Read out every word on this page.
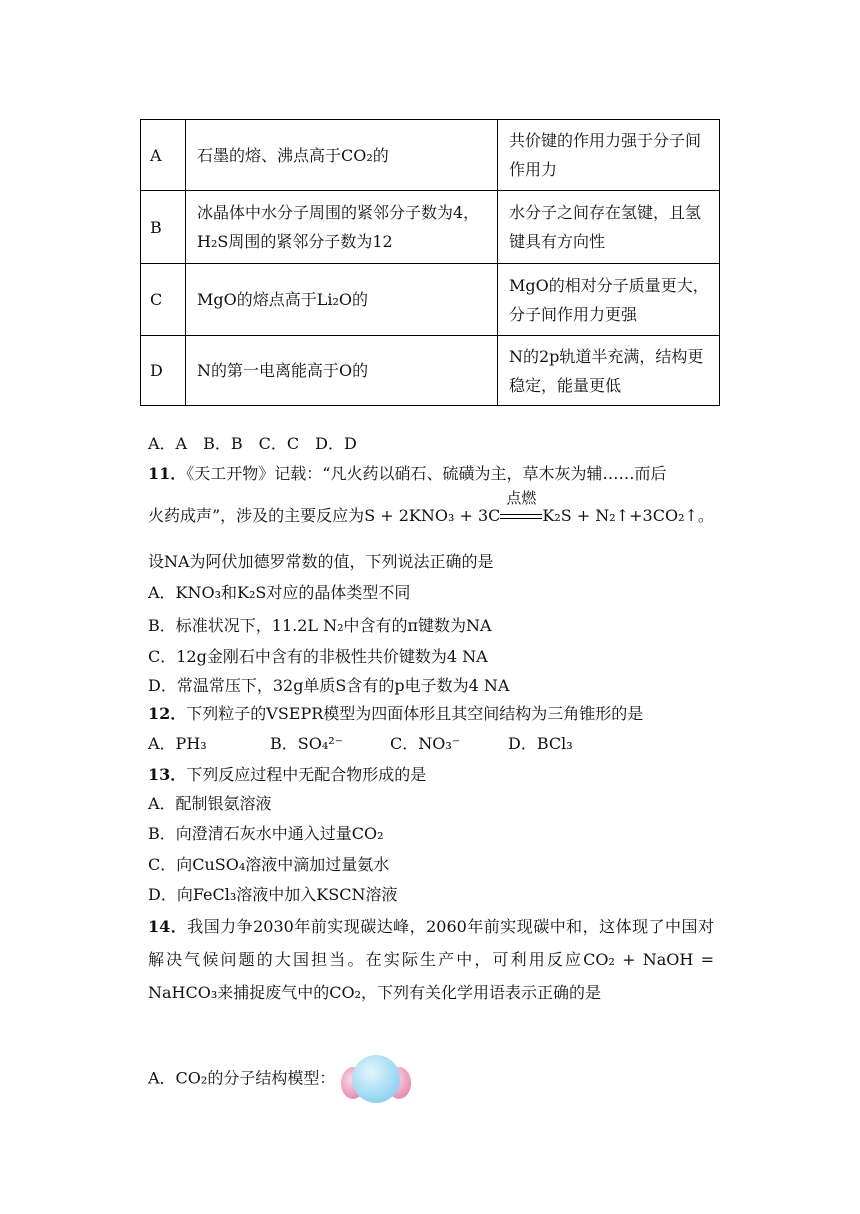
A	石墨的熔、沸点高于CO₂的	共价键的作用力强于分子间作用力
B	冰晶体中水分子周围的紧邻分子数为4，H₂S周围的紧邻分子数为12	水分子之间存在氢键，且氢键具有方向性
C	MgO的熔点高于Li₂O的	MgO的相对分子质量更大，分子间作用力更强
D	N的第一电离能高于O的	N的2p轨道半充满，结构更稳定，能量更低
A．A　B．B　C．C　D．D
11．《天工开物》记载：“凡火药以硝石、硫磺为主，草木灰为辅……而后
火药成声”，涉及的主要反应为S + 2KNO₃ + 3C
点燃
K₂S + N₂↑+3CO₂↑。
设NA为阿伏加德罗常数的值，下列说法正确的是
A．KNO₃和K₂S对应的晶体类型不同
B．标准状况下，11.2L N₂中含有的π键数为NA
C．12g金刚石中含有的非极性共价键数为4 NA
D．常温常压下，32g单质S含有的p电子数为4 NA
12．下列粒子的VSEPR模型为四面体形且其空间结构为三角锥形的是
A．PH₃	B．SO₄²⁻	C．NO₃⁻	D．BCl₃
13．下列反应过程中无配合物形成的是
A．配制银氨溶液
B．向澄清石灰水中通入过量CO₂
C．向CuSO₄溶液中滴加过量氨水
D．向FeCl₃溶液中加入KSCN溶液
14．我国力争2030年前实现碳达峰，2060年前实现碳中和，这体现了中国对解决气候问题的大国担当。在实际生产中，可利用反应CO₂ + NaOH = NaHCO₃来捕捉废气中的CO₂，下列有关化学用语表示正确的是
A．CO₂的分子结构模型：
